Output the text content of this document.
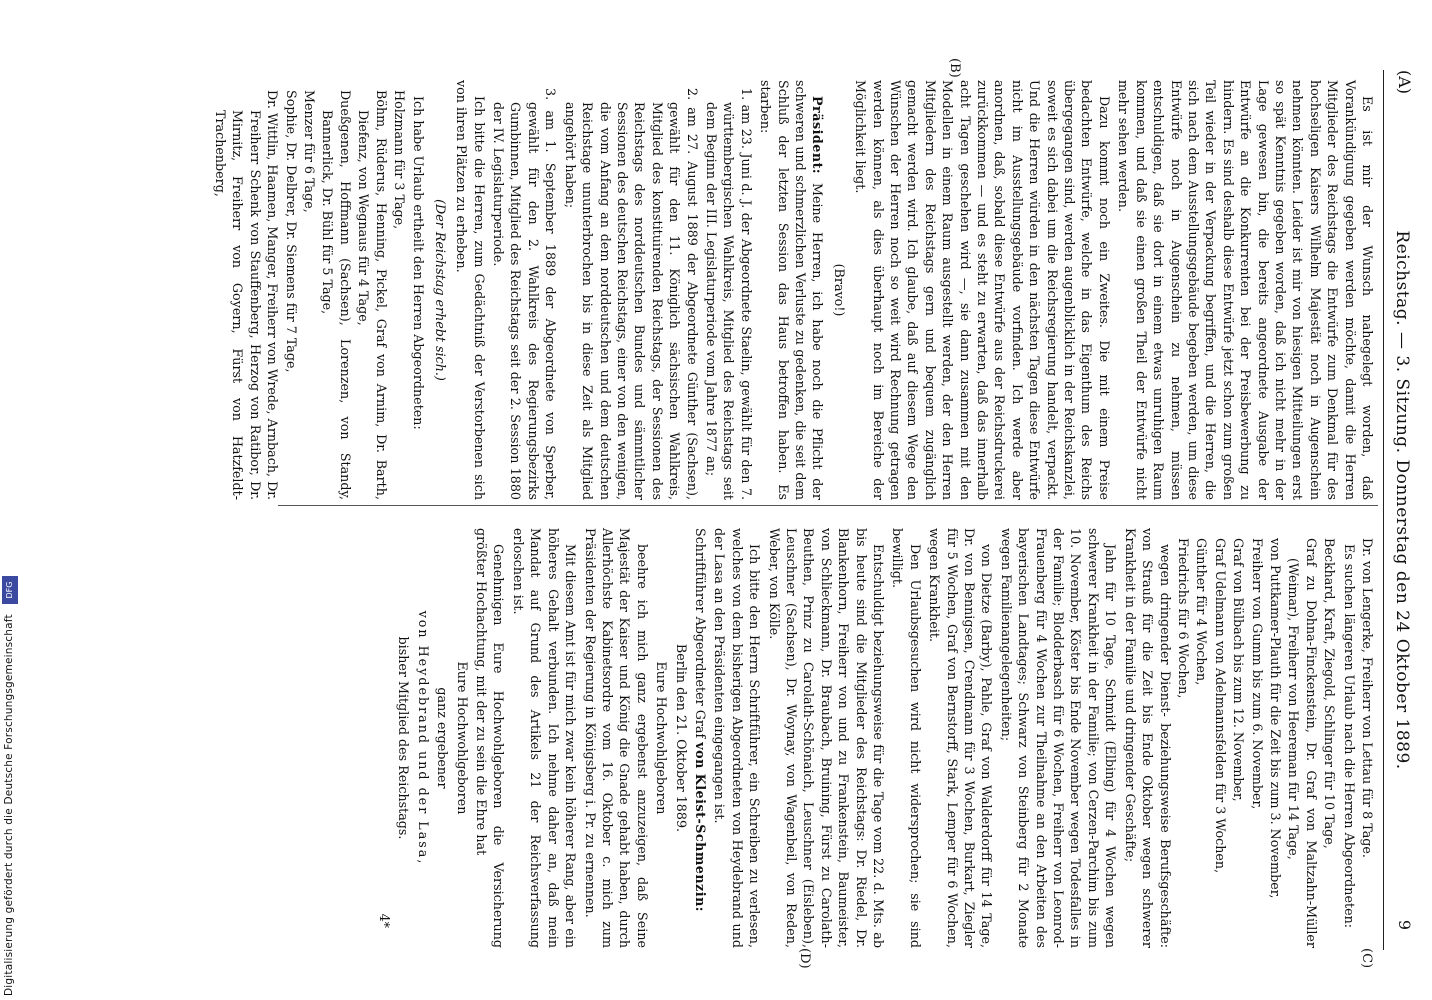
(A)
Reichstag. — 3. Sitzung. Donnerstag den 24 Oktober 1889.
9
(B)
(C)
(D)

Es ist mir der Wunsch nahegelegt worden, daß Vorankündigung gegeben werden möchte, damit die Herren Mitglieder des Reichstags die Entwürfe zum Denkmal für des hochseligen Kaisers Wilhelm Majestät noch in Augenschein nehmen könnten. Leider ist mir von hiesigen Mitteilungen erst so spät Kenntnis gegeben worden, daß ich nicht mehr in der Lage gewesen bin, die bereits angeordnete Ausgabe der Entwürfe an die Konkurrenten bei der Preisbewerbung zu hindern. Es sind deshalb diese Entwürfe jetzt schon zum großen Teil wieder in der Verpackung begriffen, und die Herren, die sich nach dem Ausstellungsgebäude begeben werden, um diese Entwürfe noch in Augenschein zu nehmen, müssen entschuldigen, daß sie dort in einem etwas unruhigen Raum kommen, und daß sie einen großen Theil der Entwürfe nicht mehr sehen werden.

Dazu kommt noch ein Zweites. Die mit einem Preise bedachten Entwürfe, welche in das Eigenthum des Reichs übergegangen sind, werden augenblicklich in der Reichskanzlei, soweit es sich dabei um die Reichsregierung handelt, verpackt. Und die Herren würden in den nächsten Tagen diese Entwürfe nicht im Ausstellungsgebäude vorfinden. Ich werde aber anordnen, daß, sobald diese Entwürfe aus der Reichsdruckerei zurückkommen — und es steht zu erwarten, daß das innerhalb acht Tagen geschehen wird —, sie dann zusammen mit den Modellen in einem Raum ausgestellt werden, der den Herren Mitgliedern des Reichstags gern und bequem zugänglich gemacht werden wird. Ich glaube, daß auf diesem Wege den Wünschen der Herren noch so weit wird Rechnung getragen werden können, als dies überhaupt noch im Bereiche der Möglichkeit liegt.

(Bravo!)

Präsident: Meine Herren, ich habe noch die Pflicht der schweren und schmerzlichen Verluste zu gedenken, die seit dem Schluß der letzten Session das Haus betroffen haben. Es starben:

1. am 23. Juni d. J. der Abgeordnete Staelin, gewählt für den 7. württembergischen Wahlkreis, Mitglied des Reichstags seit dem Beginn der III. Legislaturperiode vom Jahre 1877 an;

2. am 27. August 1889 der Abgeordnete Günther (Sachsen), gewählt für den 11. Königlich sächsischen Wahlkreis, Mitglied des konstituirenden Reichstags, der Sessionen des Reichstags des norddeutschen Bundes und sämmtlicher Sessionen des deutschen Reichstags, einer von den wenigen, die vom Anfang an dem norddeutschen und dem deutschen Reichstage ununterbrochen bis in diese Zeit als Mitglied angehört haben;

3. am 1. September 1889 der Abgeordnete von Sperber, gewählt für den 2. Wahlkreis des Regierungsbezirks Gumbinnen, Mitglied des Reichstags seit der 2. Session 1880 der IV. Legislaturperiode.

Ich bitte die Herren, zum Gedächtniß der Verstorbenen sich von ihren Plätzen zu erheben.

(Der Reichstag erhebt sich.)

Ich habe Urlaub ertheilt den Herren Abgeordneten:

Holzmann für 3 Tage,

Böhm, Rüderus, Henning, Pickel, Graf von Arnim, Dr. Barth, Diefenz, von Wegnaus für 4 Tage,

Dueßgenen, Hoffmann (Sachsen), Lorenzen, von Standy, Bannerlick, Dr. Bühl für 5 Tage,

Menzer für 6 Tage,

Sophie, Dr. Delbrer, Dr. Siemens für 7 Tage,

Dr. Wittlin, Haamen, Manger, Freiherr von Wrede, Arnbach, Dr. Freiherr Schenk von Stauffenberg, Herzog von Ratibor, Dr. Mirnitz, Freiherr von Goyern, Fürst von Hatzfeldt-Trachenberg,

Dr. von Lengerke, Freiherr von Lettau für 8 Tage.

Es suchen längeren Urlaub nach die Herren Abgeordneten:

Beckhard, Kraft, Ziegold, Schlinger für 10 Tage,

Graf zu Dohna-Finckenstein, Dr. Graf von Maltzahn-Müller (Weimar), Freiherr von Heereman für 14 Tage,

von Puttkamer-Plauth für die Zeit bis zum 3. November,

Freiherr von Gumm bis zum 6. November,

Graf von Bülbach bis zum 12. November,

Graf Udelmann von Adelmannsfelden für 3 Wochen,

Günther für 4 Wochen,

Friedrichs für 6 Wochen,

wegen dringender Dienst- beziehungsweise Berufsgeschäfte: von Strauß für die Zeit bis Ende Oktober wegen schwerer Krankheit in der Familie und dringender Geschäfte;

Jahn für 10 Tage, Schmidt (Elbing) für 4 Wochen wegen schwerer Krankheit in der Familie; von Cerzen-Parchim bis zum 10. November, Köster bis Ende November wegen Todesfalles in der Familie; Blodderbasch für 6 Wochen, Freiherr von Leonrod-Frauenberg für 4 Wochen zur Theilnahme an den Arbeiten des bayerischen Landtages; Schwarz von Steinberg für 2 Monate wegen Familienangelegenheiten;

von Dietze (Barby), Pahle, Graf von Walderdorff für 14 Tage, Dr. von Bennigsen, Crendmann für 3 Wochen, Burkart, Ziegler für 5 Wochen, Graf von Bernstorff, Stark, Lemper für 6 Wochen, wegen Krankheit.

Den Urlaubsgesuchen wird nicht widersprochen; sie sind bewilligt.

Entschuldigt beziehungsweise für die Tage vom 22. d. Mts. ab bis heute sind die Mitglieder des Reichstags: Dr. Riedel, Dr. Blankenhorn, Freiherr von und zu Frankenstein, Baumeister, von Schlieckmann, Dr. Braubach, Bruining, Fürst zu Carolath-Beuthen, Prinz zu Carolath-Schönaich, Leuschner (Eisleben), Leuschner (Sachsen), Dr. Woynay, von Wagenbeil, von Reden, Weber, von Kölle.

Ich bitte den Herrn Schriftführer, ein Schreiben zu verlesen, welches von dem bisherigen Abgeordneten von Heydebrand und der Lasa an den Präsidenten eingegangen ist.

Schriftführer Abgeordneter Graf von Kleist-Schmenzin:

Berlin den 21. Oktober 1889.

Eure Hochwohlgeboren

beehre ich mich ganz ergebenst anzuzeigen, daß Seine Majestät der Kaiser und König die Gnade gehabt haben, durch Allerhöchste Kabinetsordre vom 16. Oktober c. mich zum Präsidenten der Regierung in Königsberg i. Pr. zu ernennen.

Mit diesem Amt ist für mich zwar kein höherer Rang, aber ein höheres Gehalt verbunden. Ich nehme daher an, daß mein Mandat auf Grund des Artikels 21 der Reichsverfassung erloschen ist.

Genehmigen Eure Hochwohlgeboren die Versicherung größter Hochachtung, mit der zu sein die Ehre hat

Eure Hochwohlgeboren

ganz ergebener

von Heydebrand und der Lasa,

bisher Mitglied des Reichstags.

4*

Digitalisierung gefördert durch die Deutsche Forschungsgemeinschaft
DFG
